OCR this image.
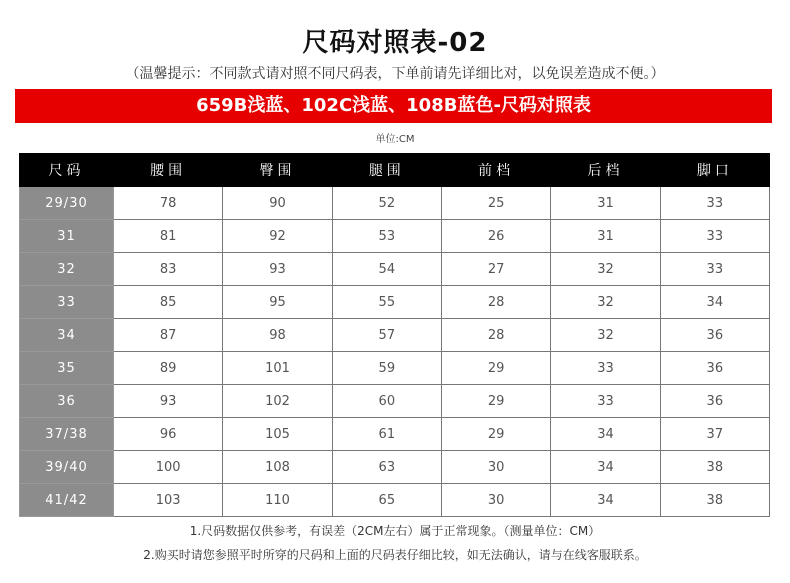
尺码对照表-02
（温馨提示：不同款式请对照不同尺码表，下单前请先详细比对，以免误差造成不便。）
659B浅蓝、102C浅蓝、108B蓝色-尺码对照表
单位:CM
尺码	腰围	臀围	腿围	前档	后档	脚口
29/30	78	90	52	25	31	33
31	81	92	53	26	31	33
32	83	93	54	27	32	33
33	85	95	55	28	32	34
34	87	98	57	28	32	36
35	89	101	59	29	33	36
36	93	102	60	29	33	36
37/38	96	105	61	29	34	37
39/40	100	108	63	30	34	38
41/42	103	110	65	30	34	38
1.尺码数据仅供参考，有误差（2CM左右）属于正常现象。（测量单位：CM）
2.购买时请您参照平时所穿的尺码和上面的尺码表仔细比较，如无法确认，请与在线客服联系。
